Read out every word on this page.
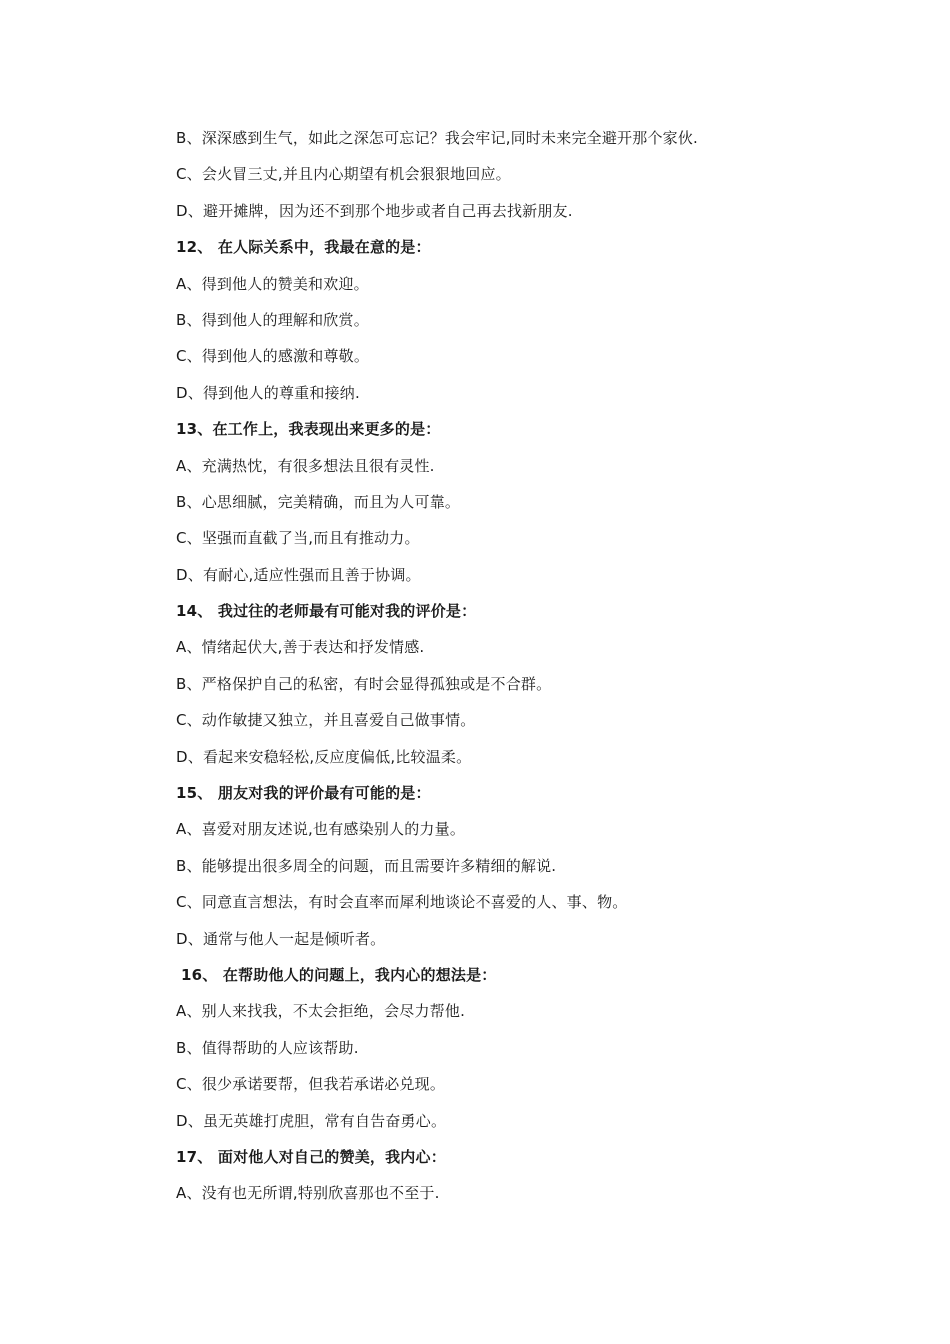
B、深深感到生气，如此之深怎可忘记？我会牢记,同时未来完全避开那个家伙.
C、会火冒三丈,并且内心期望有机会狠狠地回应。
D、避开摊牌，因为还不到那个地步或者自己再去找新朋友.
12、 在人际关系中，我最在意的是：
A、得到他人的赞美和欢迎。
B、得到他人的理解和欣赏。
C、得到他人的感激和尊敬。
D、得到他人的尊重和接纳.
13、在工作上，我表现出来更多的是：
A、充满热忱，有很多想法且很有灵性.
B、心思细腻，完美精确，而且为人可靠。
C、坚强而直截了当,而且有推动力。
D、有耐心,适应性强而且善于协调。
14、 我过往的老师最有可能对我的评价是：
A、情绪起伏大,善于表达和抒发情感.
B、严格保护自己的私密，有时会显得孤独或是不合群。
C、动作敏捷又独立，并且喜爱自己做事情。
D、看起来安稳轻松,反应度偏低,比较温柔。
15、 朋友对我的评价最有可能的是：
A、喜爱对朋友述说,也有感染别人的力量。
B、能够提出很多周全的问题，而且需要许多精细的解说.
C、同意直言想法，有时会直率而犀利地谈论不喜爱的人、事、物。
D、通常与他人一起是倾听者。
16、 在帮助他人的问题上，我内心的想法是：
A、别人来找我，不太会拒绝，会尽力帮他.
B、值得帮助的人应该帮助.
C、很少承诺要帮，但我若承诺必兑现。
D、虽无英雄打虎胆，常有自告奋勇心。
17、 面对他人对自己的赞美，我内心：
A、没有也无所谓,特别欣喜那也不至于.
